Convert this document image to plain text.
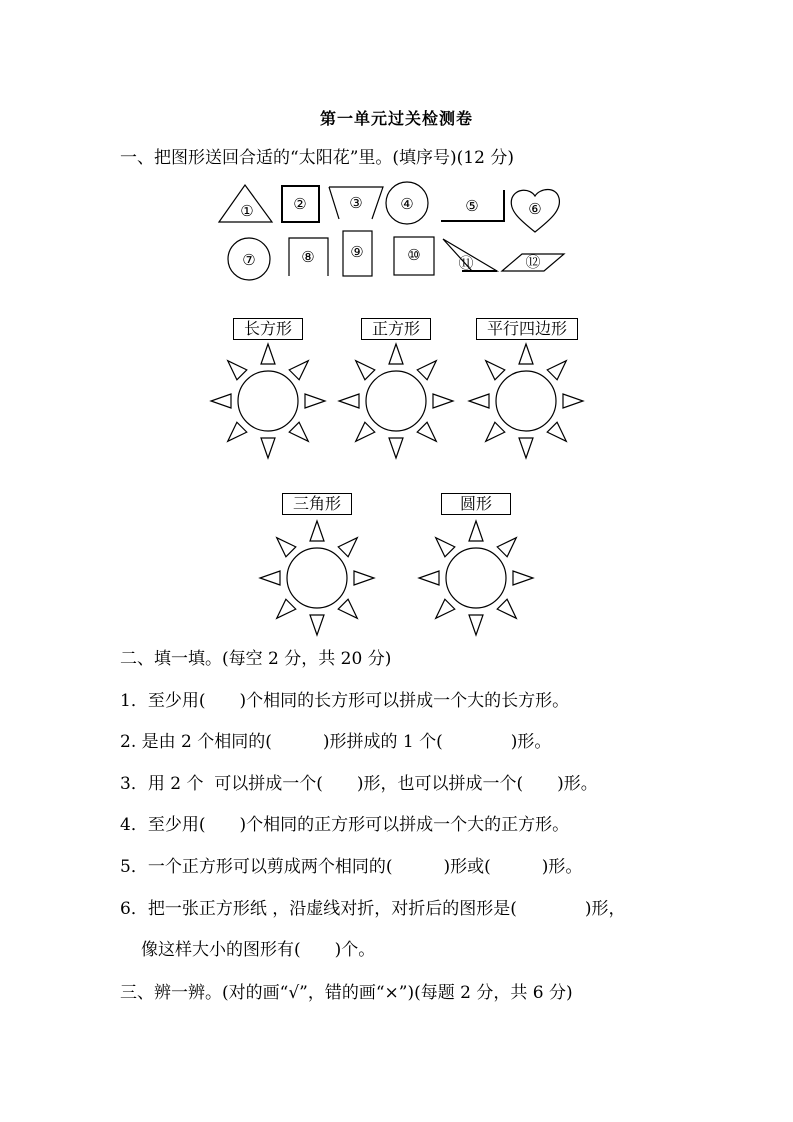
第一单元过关检测卷
一、把图形送回合适的“太阳花”里。(填序号)(12 分)
①	②	③	④	⑤	⑥
⑦	⑧ ⑨	⑩	⑪	⑫
长方形	正方形	平行四边形
三角形	圆形
二、填一填。(每空 2 分，共 20 分)
1．至少用(　　)个相同的长方形可以拼成一个大的长方形。
2. 是由 2 个相同的(　　　)形拼成的 1 个(　　　　)形。
3．用 2 个  可以拼成一个(　　)形，也可以拼成一个(　　)形。
4．至少用(　　)个相同的正方形可以拼成一个大的正方形。
5．一个正方形可以剪成两个相同的(　　　)形或(　　　)形。
6．把一张正方形纸 ，沿虚线对折，对折后的图形是(　　　　)形，
像这样大小的图形有(　　)个。
三、辨一辨。(对的画“√”，错的画“×”)(每题 2 分，共 6 分)
